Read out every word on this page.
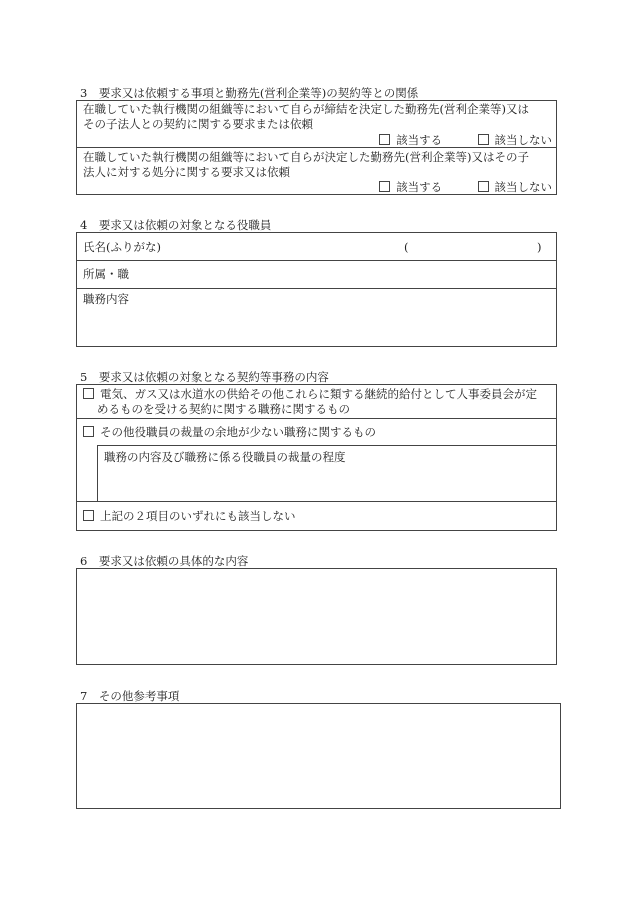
3　要求又は依頼する事項と勤務先(営利企業等)の契約等との関係
在職していた執行機関の組織等において自らが締結を決定した勤務先(営利企業等)又は
その子法人との契約に関する要求または依頼
該当する	該当しない
在職していた執行機関の組織等において自らが決定した勤務先(営利企業等)又はその子
法人に対する処分に関する要求又は依頼
該当する	該当しない
4　要求又は依頼の対象となる役職員
氏名(ふりがな)	(	)
所属・職
職務内容
5　要求又は依頼の対象となる契約等事務の内容
電気、ガス又は水道水の供給その他これらに類する継続的給付として人事委員会が定
めるものを受ける契約に関する職務に関するもの
その他役職員の裁量の余地が少ない職務に関するもの
職務の内容及び職務に係る役職員の裁量の程度
上記の２項目のいずれにも該当しない
6　要求又は依頼の具体的な内容
7　その他参考事項
